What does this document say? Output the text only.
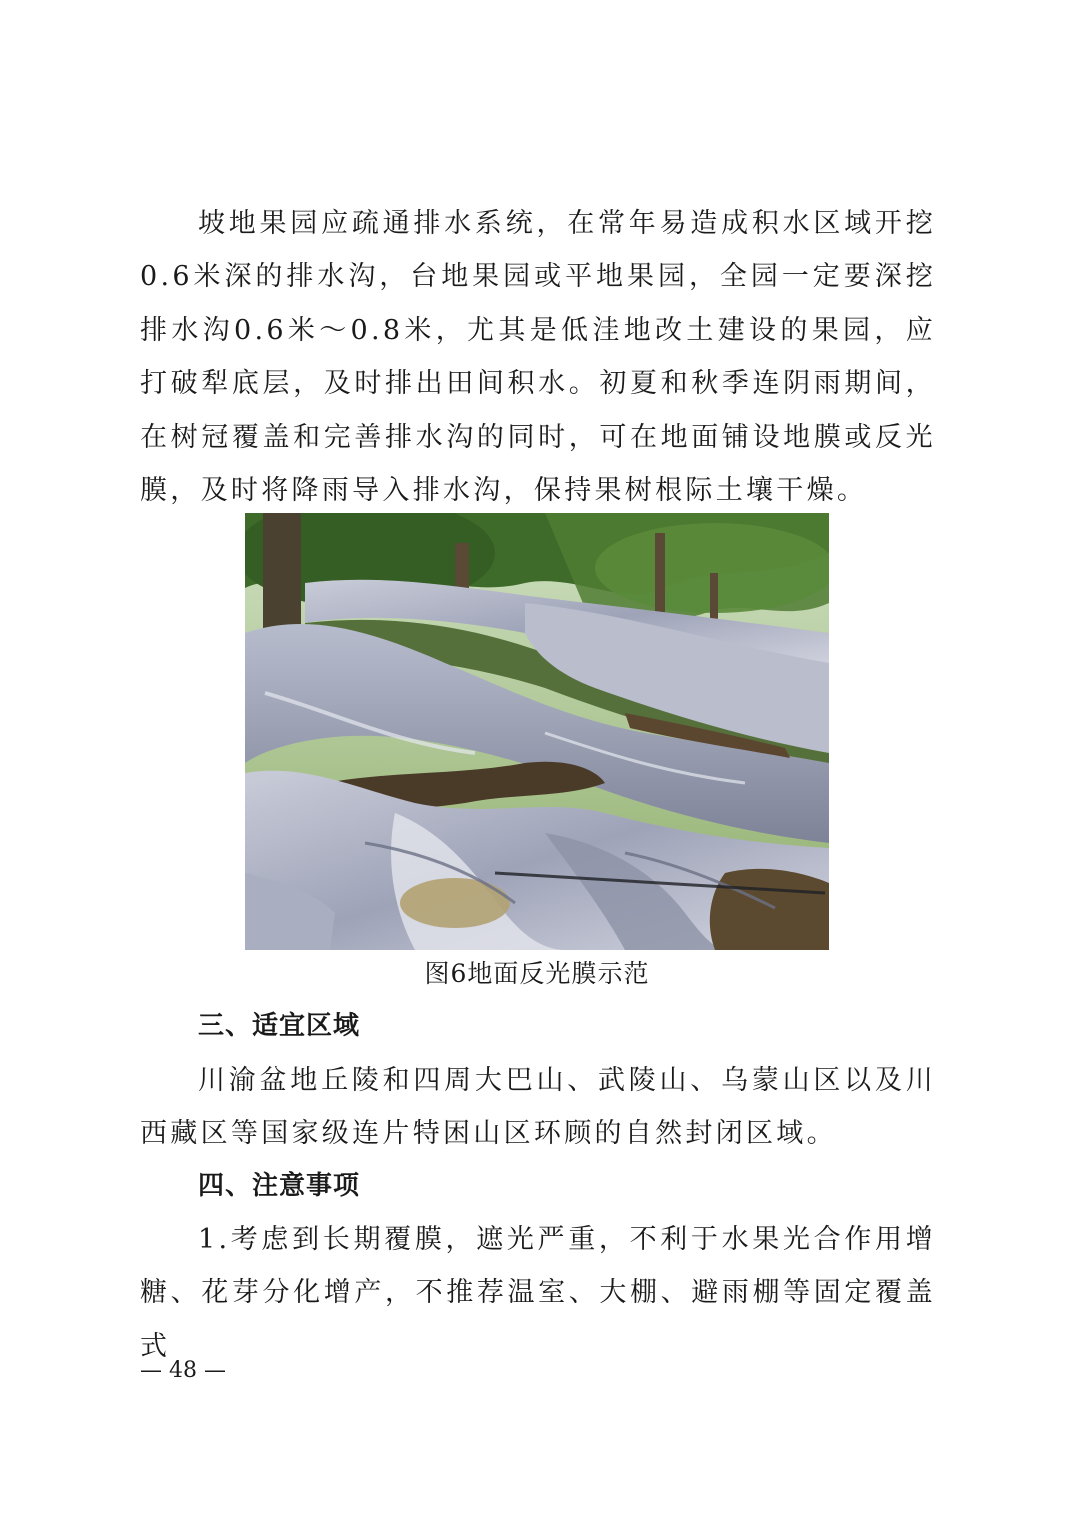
坡地果园应疏通排水系统，在常年易造成积水区域开挖0.6米深的排水沟，台地果园或平地果园，全园一定要深挖排水沟0.6米～0.8米，尤其是低洼地改土建设的果园，应打破犁底层，及时排出田间积水。初夏和秋季连阴雨期间，在树冠覆盖和完善排水沟的同时，可在地面铺设地膜或反光膜，及时将降雨导入排水沟，保持果树根际土壤干燥。

图6地面反光膜示范

三、适宜区域

川渝盆地丘陵和四周大巴山、武陵山、乌蒙山区以及川西藏区等国家级连片特困山区环顾的自然封闭区域。

四、注意事项

1.考虑到长期覆膜，遮光严重，不利于水果光合作用增糖、花芽分化增产，不推荐温室、大棚、避雨棚等固定覆盖式

— 48 —
